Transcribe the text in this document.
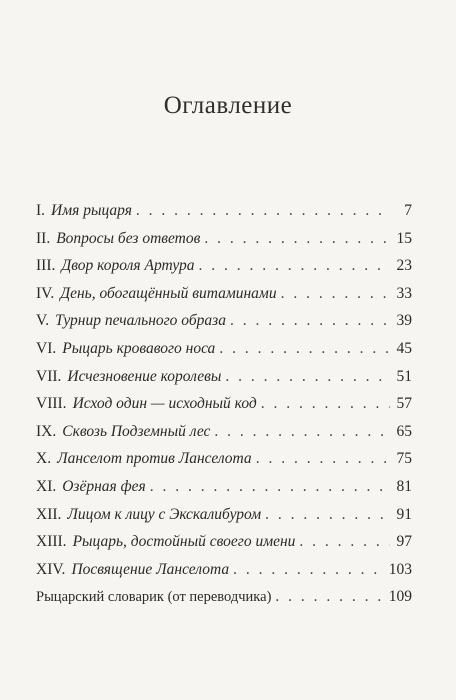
Оглавление
I. Имя рыцаря . . .	7
II. Вопросы без ответов . . .	15
III. Двор короля Артура . . .	23
IV. День, обогащённый витаминами . . .	33
V. Турнир печального образа . . .	39
VI. Рыцарь кровавого носа . . .	45
VII. Исчезновение королевы . . .	51
VIII. Исход один — исходный код . . .	57
IX. Сквозь Подземный лес . . .	65
X. Ланселот против Ланселота . . .	75
XI. Озёрная фея . . .	81
XII. Лицом к лицу с Экскалибуром . . .	91
XIII. Рыцарь, достойный своего имени . . .	97
XIV. Посвящение Ланселота . . .	103
Рыцарский словарик (от переводчика) . . .	109
